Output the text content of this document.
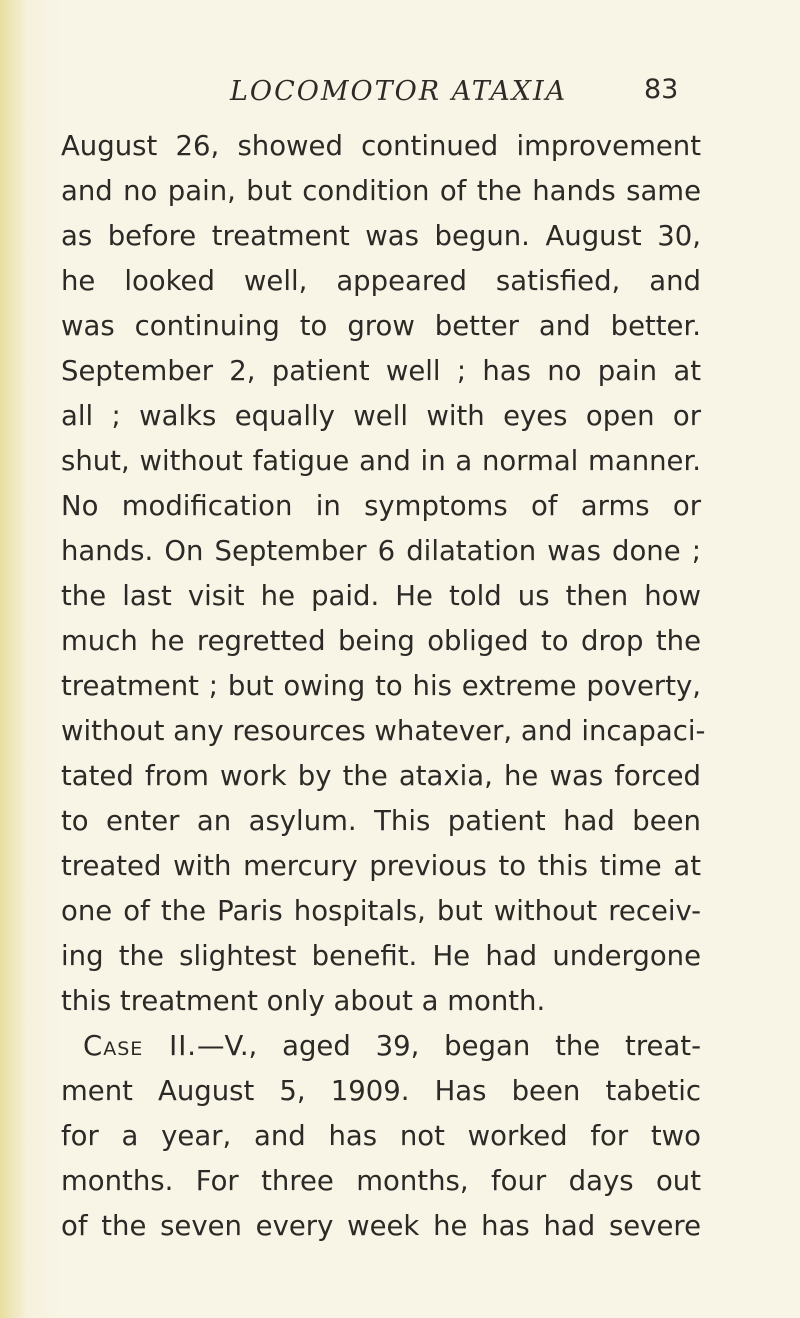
LOCOMOTOR ATAXIA	83
August 26, showed continued improvement
and no pain, but condition of the hands same
as before treatment was begun. August 30,
he looked well, appeared satisfied, and
was continuing to grow better and better.
September 2, patient well ; has no pain at
all ; walks equally well with eyes open or
shut, without fatigue and in a normal manner.
No modification in symptoms of arms or
hands. On September 6 dilatation was done ;
the last visit he paid. He told us then how
much he regretted being obliged to drop the
treatment ; but owing to his extreme poverty,
without any resources whatever, and incapaci-
tated from work by the ataxia, he was forced
to enter an asylum. This patient had been
treated with mercury previous to this time at
one of the Paris hospitals, but without receiv-
ing the slightest benefit. He had undergone
this treatment only about a month.
Case II.—V., aged 39, began the treat-
ment August 5, 1909. Has been tabetic
for a year, and has not worked for two
months. For three months, four days out
of the seven every week he has had severe
